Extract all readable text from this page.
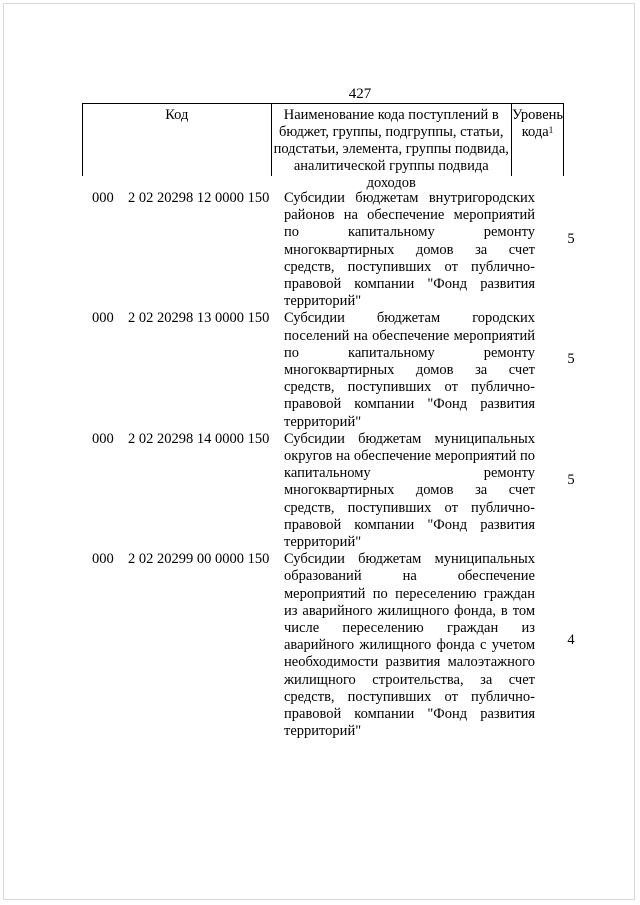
427
Код	Наименование кода поступлений в бюджет, группы, подгруппы, статьи, подстатьи, элемента, группы подвида, аналитической группы подвида доходов
Уровень кода$^1$
000 2 02 20298 12 0000 150 Субсидии бюджетам внутригородских районов на обеспечение мероприятий по капитальному ремонту многоквартирных домов за счет средств, поступивших от публично-правовой компании "Фонд развития территорий"
5
000 2 02 20298 13 0000 150 Субсидии бюджетам городских поселений на обеспечение мероприятий по капитальному ремонту многоквартирных домов за счет средств, поступивших от публично-правовой компании "Фонд развития территорий"
5
000 2 02 20298 14 0000 150 Субсидии бюджетам муниципальных округов на обеспечение мероприятий по капитальному ремонту многоквартирных домов за счет средств, поступивших от публично-правовой компании "Фонд развития территорий"
5
000 2 02 20299 00 0000 150 Субсидии бюджетам муниципальных образований на обеспечение мероприятий по переселению граждан из аварийного жилищного фонда, в том числе переселению граждан из аварийного жилищного фонда с учетом необходимости развития малоэтажного жилищного строительства, за счет средств, поступивших от публично-правовой компании "Фонд развития территорий"
4
